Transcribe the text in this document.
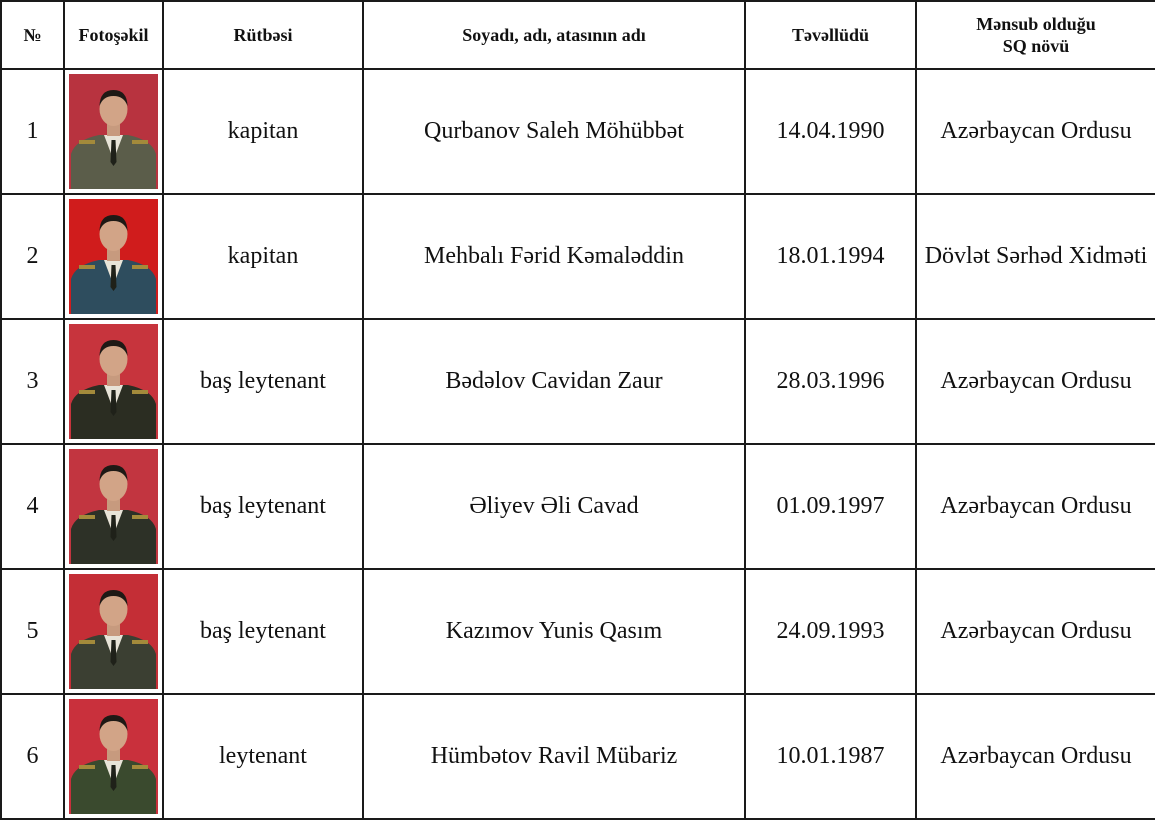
№	Fotoşəkil	Rütbəsi	Soyadı, adı, atasının adı	Təvəllüdü	Mənsub olduğu
SQ növü

1		kapitan	Qurbanov Saleh Möhübbət	14.04.1990	Azərbaycan Ordusu
2		kapitan	Mehbalı Fərid Kəmaləddin	18.01.1994	Dövlət Sərhəd Xidməti
3		baş leytenant	Bədəlov Cavidan Zaur	28.03.1996	Azərbaycan Ordusu
4		baş leytenant	Əliyev Əli Cavad	01.09.1997	Azərbaycan Ordusu
5		baş leytenant	Kazımov Yunis Qasım	24.09.1993	Azərbaycan Ordusu
6		leytenant	Hümbətov Ravil Mübariz	10.01.1987	Azərbaycan Ordusu
